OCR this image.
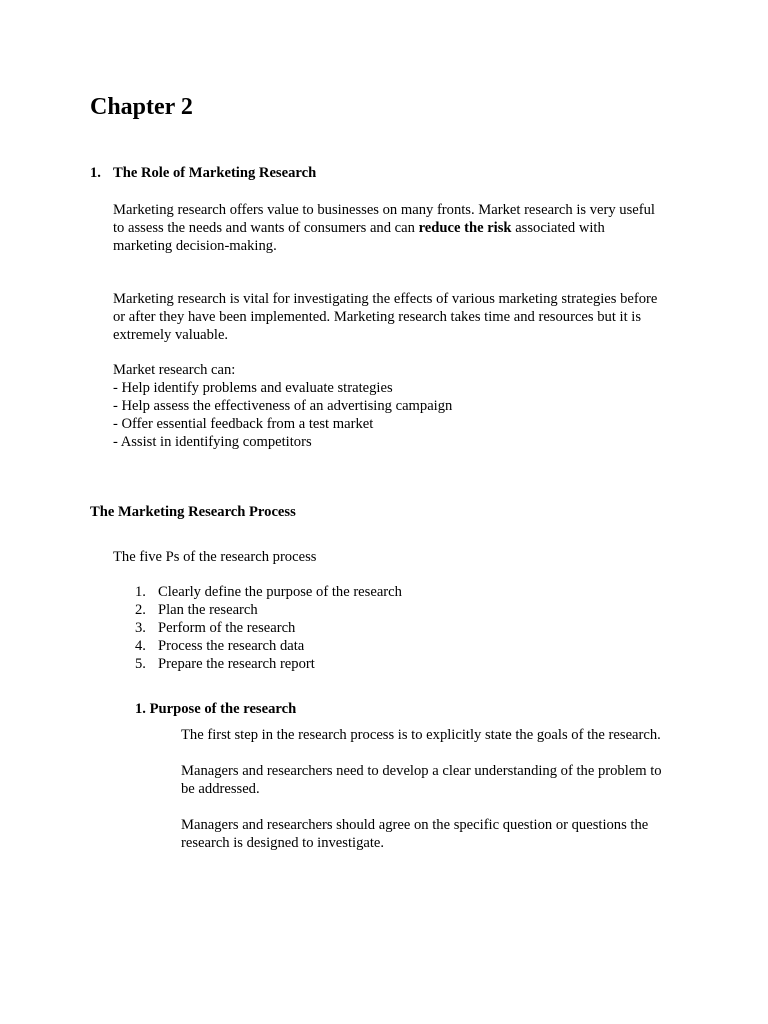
Chapter 2
1. The Role of Marketing Research
Marketing research offers value to businesses on many fronts. Market research is very useful
to assess the needs and wants of consumers and can reduce the risk associated with
marketing decision-making.
Marketing research is vital for investigating the effects of various marketing strategies before
or after they have been implemented. Marketing research takes time and resources but it is
extremely valuable.
Market research can:
- Help identify problems and evaluate strategies
- Help assess the effectiveness of an advertising campaign
- Offer essential feedback from a test market
- Assist in identifying competitors
The Marketing Research Process
The five Ps of the research process
1. Clearly define the purpose of the research
2. Plan the research
3. Perform of the research
4. Process the research data
5. Prepare the research report
1. Purpose of the research
The first step in the research process is to explicitly state the goals of the research.
Managers and researchers need to develop a clear understanding of the problem to
be addressed.
Managers and researchers should agree on the specific question or questions the
research is designed to investigate.
